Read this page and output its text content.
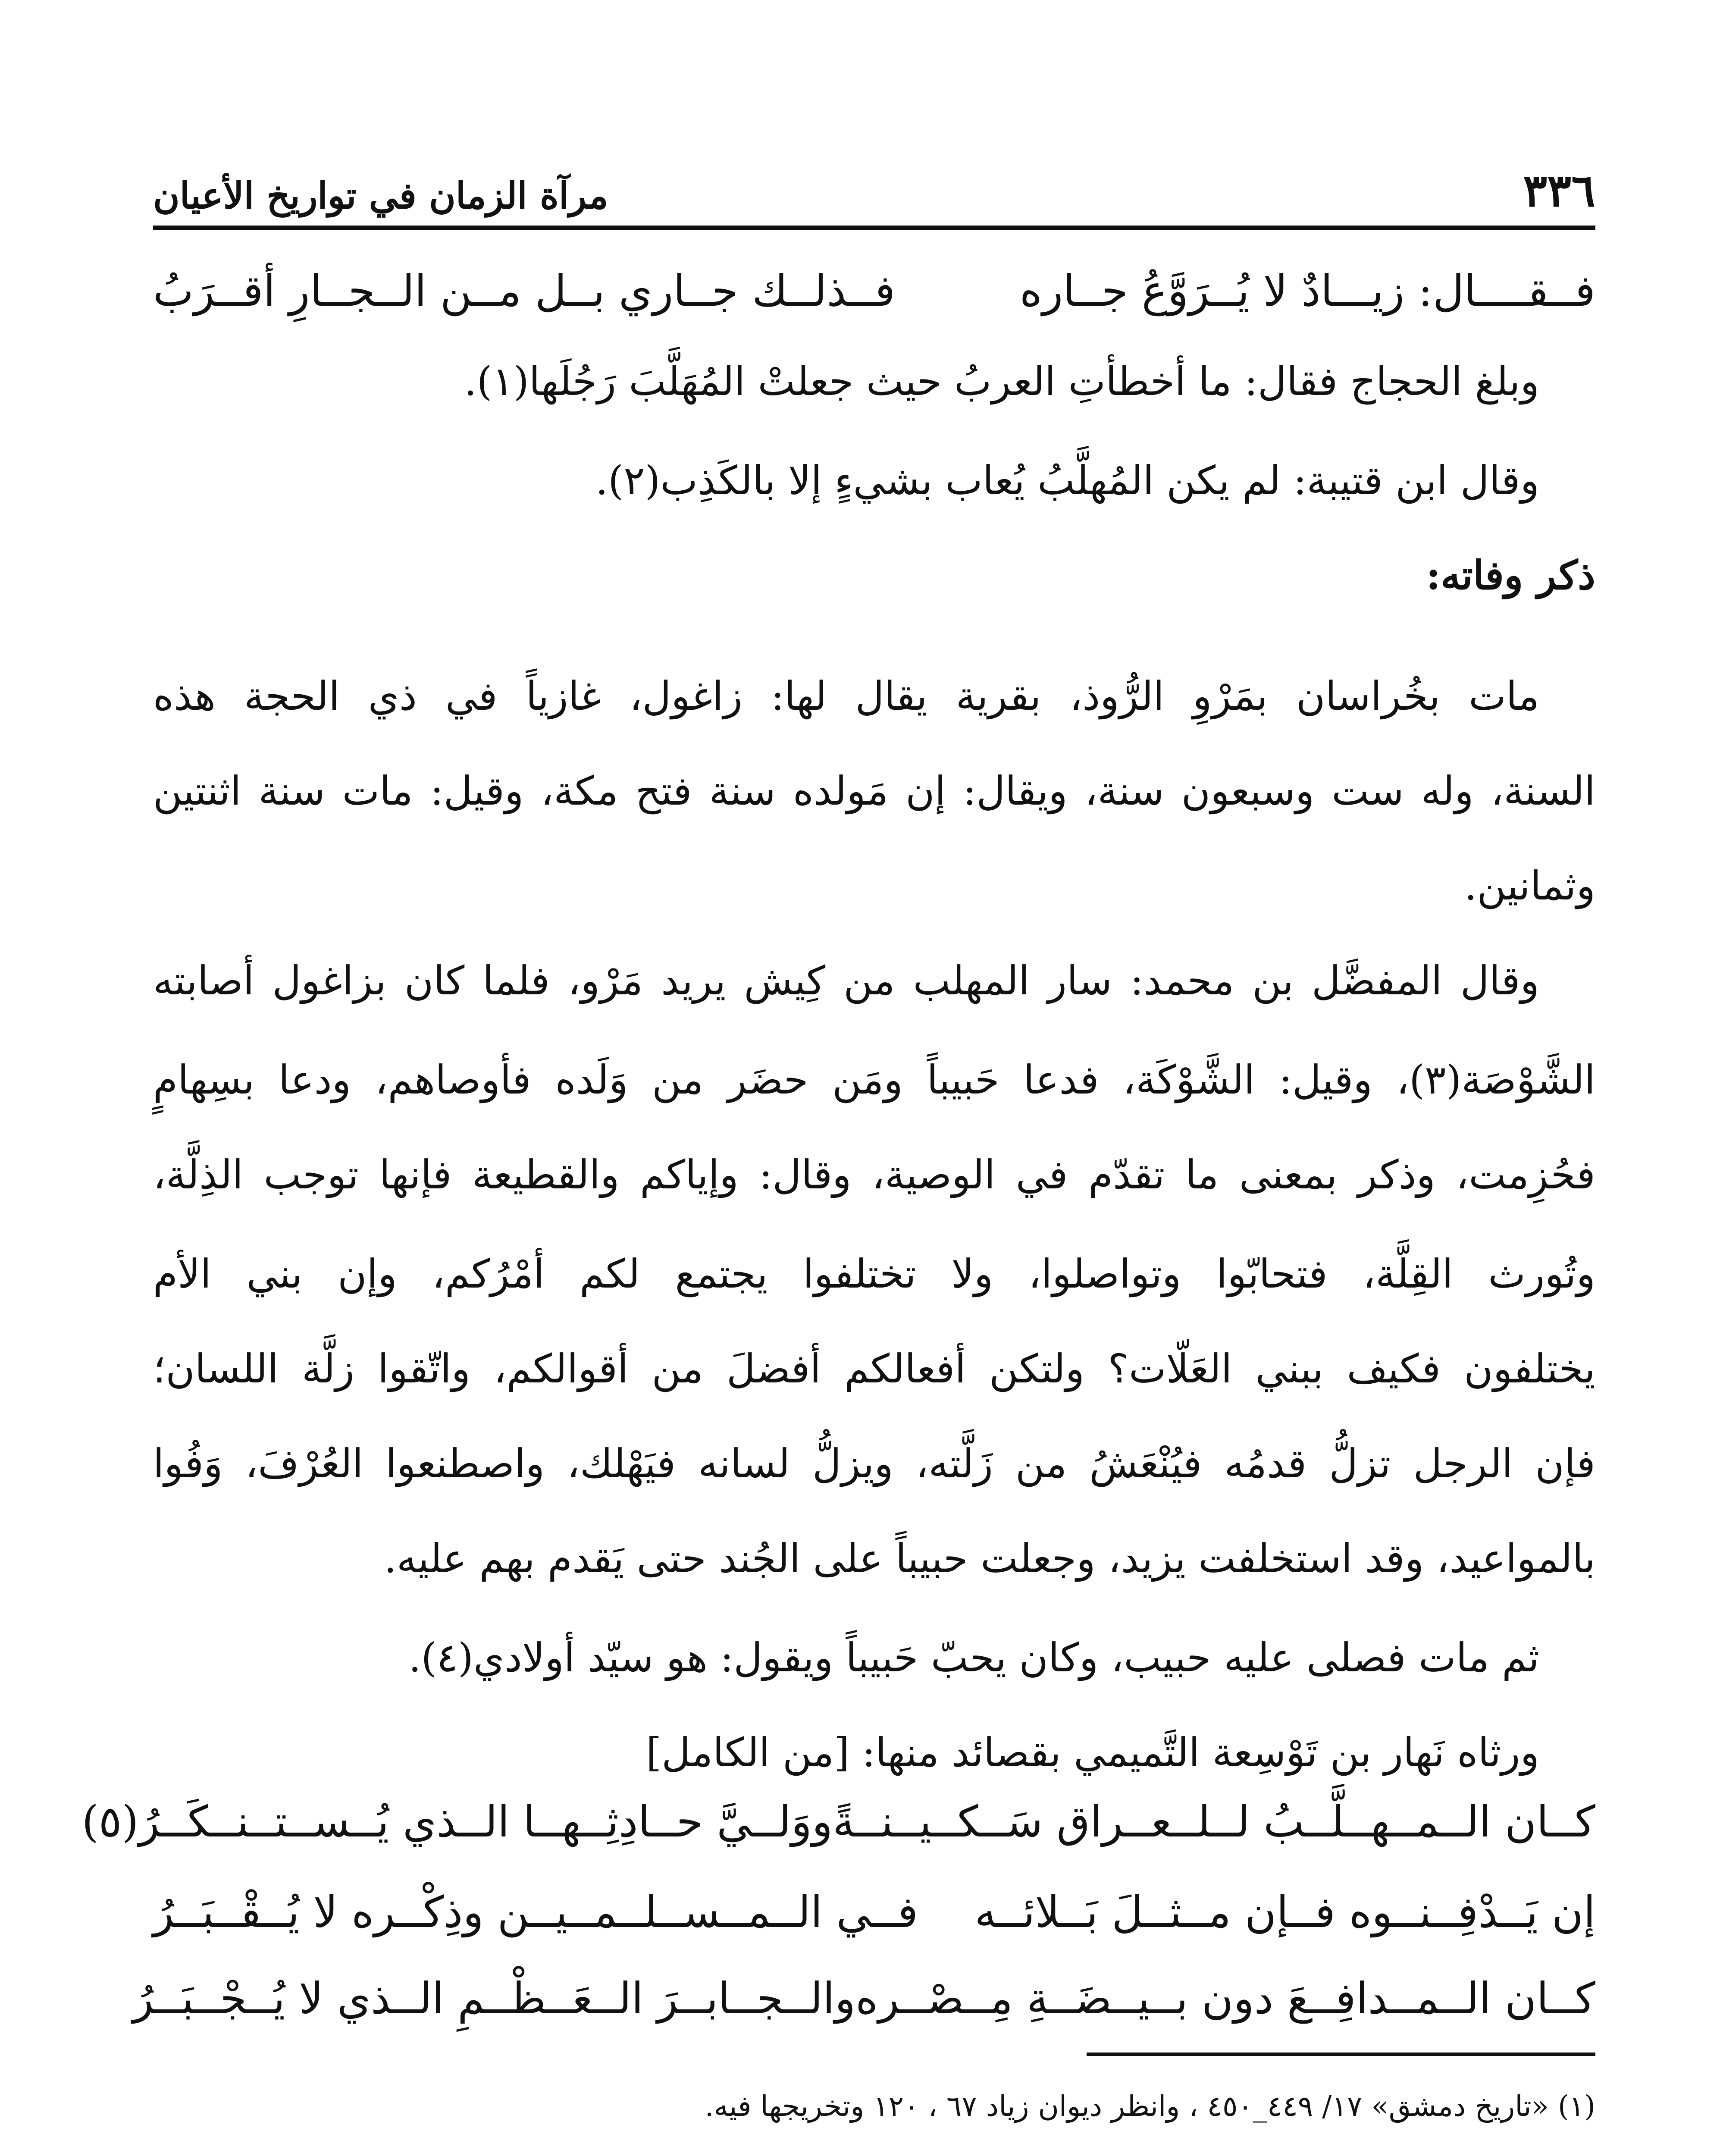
٣٣٦
مرآة الزمان في تواريخ الأعيان
فــقــــال: زيـــادٌ لا يُــرَوَّعُ جــاره
فــذلــك جــاري بــل مــن الــجــارِ أقــرَبُ
وبلغ الحجاج فقال: ما أخطأتِ العربُ حيث جعلتْ المُهَلَّبَ رَجُلَها(١).
وقال ابن قتيبة: لم يكن المُهلَّبُ يُعاب بشيءٍ إلا بالكَذِب(٢).
ذكر وفاته:
مات بخُراسان بمَرْوِ الرُّوذ، بقرية يقال لها: زاغول، غازياً في ذي الحجة هذه
السنة، وله ست وسبعون سنة، ويقال: إن مَولده سنة فتح مكة، وقيل: مات سنة اثنتين
وثمانين.
وقال المفضَّل بن محمد: سار المهلب من كِيش يريد مَرْو، فلما كان بزاغول أصابته
الشَّوْصَة(٣)، وقيل: الشَّوْكَة، فدعا حَبيباً ومَن حضَر من وَلَده فأوصاهم، ودعا بسِهامٍ
فحُزِمت، وذكر بمعنى ما تقدّم في الوصية، وقال: وإياكم والقطيعة فإنها توجب الذِلَّة،
وتُورث القِلَّة، فتحابّوا وتواصلوا، ولا تختلفوا يجتمع لكم أمْرُكم، وإن بني الأم
يختلفون فكيف ببني العَلّات؟ ولتكن أفعالكم أفضلَ من أقوالكم، واتّقوا زلَّة اللسان؛
فإن الرجل تزلُّ قدمُه فيُنْعَشُ من زَلَّته، ويزلُّ لسانه فيَهْلك، واصطنعوا العُرْفَ، وَفُوا
بالمواعيد، وقد استخلفت يزيد، وجعلت حبيباً على الجُند حتى يَقدم بهم عليه.
ثم مات فصلى عليه حبيب، وكان يحبّ حَبيباً ويقول: هو سيّد أولادي(٤).
ورثاه نَهار بن تَوْسِعة التَّميمي بقصائد منها: [من الكامل]
كــان الــمــهــلَّــبُ لــلــعــراق سَــكــيــنــةً
ووَلــيَّ حــادِثِــهــا الــذي يُــســتــنــكَــرُ(٥)
إن يَــدْفِــنــوه فــإن مــثــلَ بَــلائــه
فــي الــمــســلــمــيــن وذِكْــره لا يُــقْــبَــرُ
كــان الــمــدافِــعَ دون بــيــضَــةِ مِــصْــره
والــجــابــرَ الــعَــظْــمِ الــذي لا يُــجْــبَــرُ
(١) «تاريخ دمشق» ١٧/ ٤٤٩_٤٥٠ ، وانظر ديوان زياد ٦٧ ، ١٢٠ وتخريجها فيه.
